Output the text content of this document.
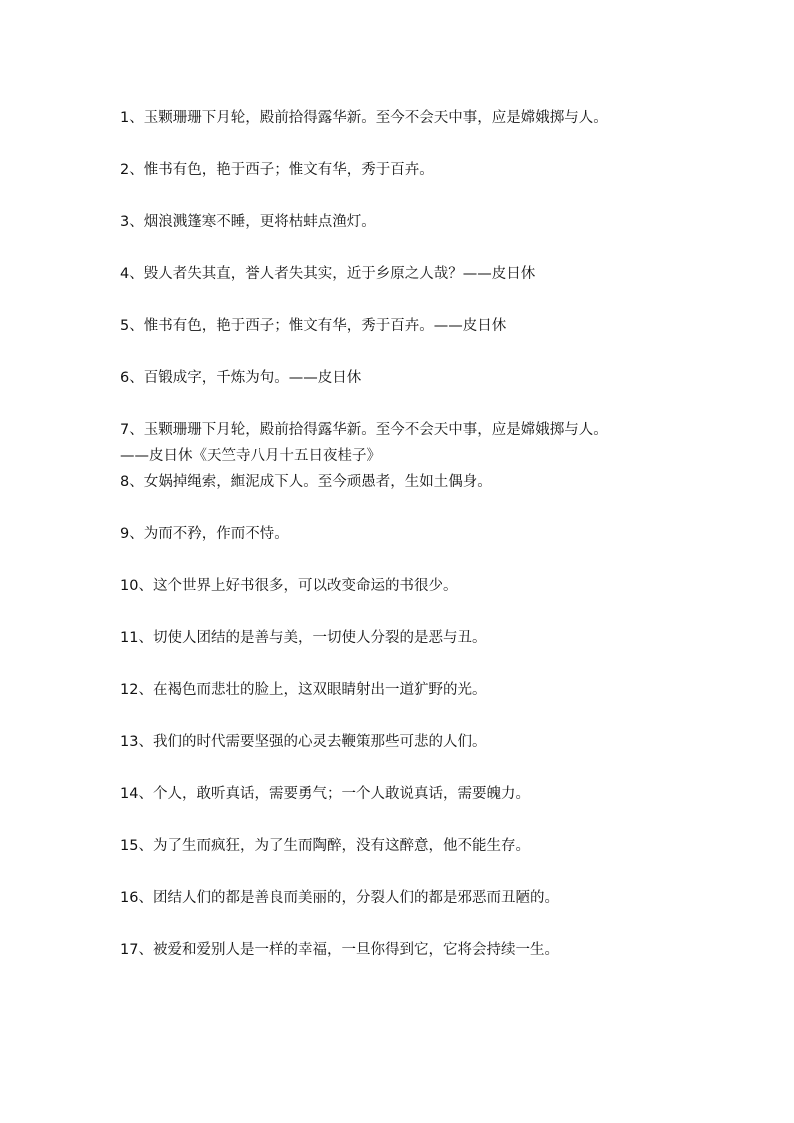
1、玉颗珊珊下月轮，殿前拾得露华新。至今不会天中事，应是嫦娥掷与人。
2、惟书有色，艳于西子；惟文有华，秀于百卉。
3、烟浪溅篷寒不睡，更将枯蚌点渔灯。
4、毁人者失其直，誉人者失其实，近于乡原之人哉？——皮日休
5、惟书有色，艳于西子；惟文有华，秀于百卉。——皮日休
6、百锻成字，千炼为句。——皮日休
7、玉颗珊珊下月轮，殿前拾得露华新。至今不会天中事，应是嫦娥掷与人。
——皮日休《天竺寺八月十五日夜桂子》
8、女娲掉绳索，縆泥成下人。至今顽愚者，生如土偶身。
9、为而不矜，作而不恃。
10、这个世界上好书很多，可以改变命运的书很少。
11、切使人团结的是善与美，一切使人分裂的是恶与丑。
12、在褐色而悲壮的脸上，这双眼睛射出一道犷野的光。
13、我们的时代需要坚强的心灵去鞭策那些可悲的人们。
14、个人，敢听真话，需要勇气；一个人敢说真话，需要魄力。
15、为了生而疯狂，为了生而陶醉，没有这醉意，他不能生存。
16、团结人们的都是善良而美丽的，分裂人们的都是邪恶而丑陋的。
17、被爱和爱别人是一样的幸福，一旦你得到它，它将会持续一生。
